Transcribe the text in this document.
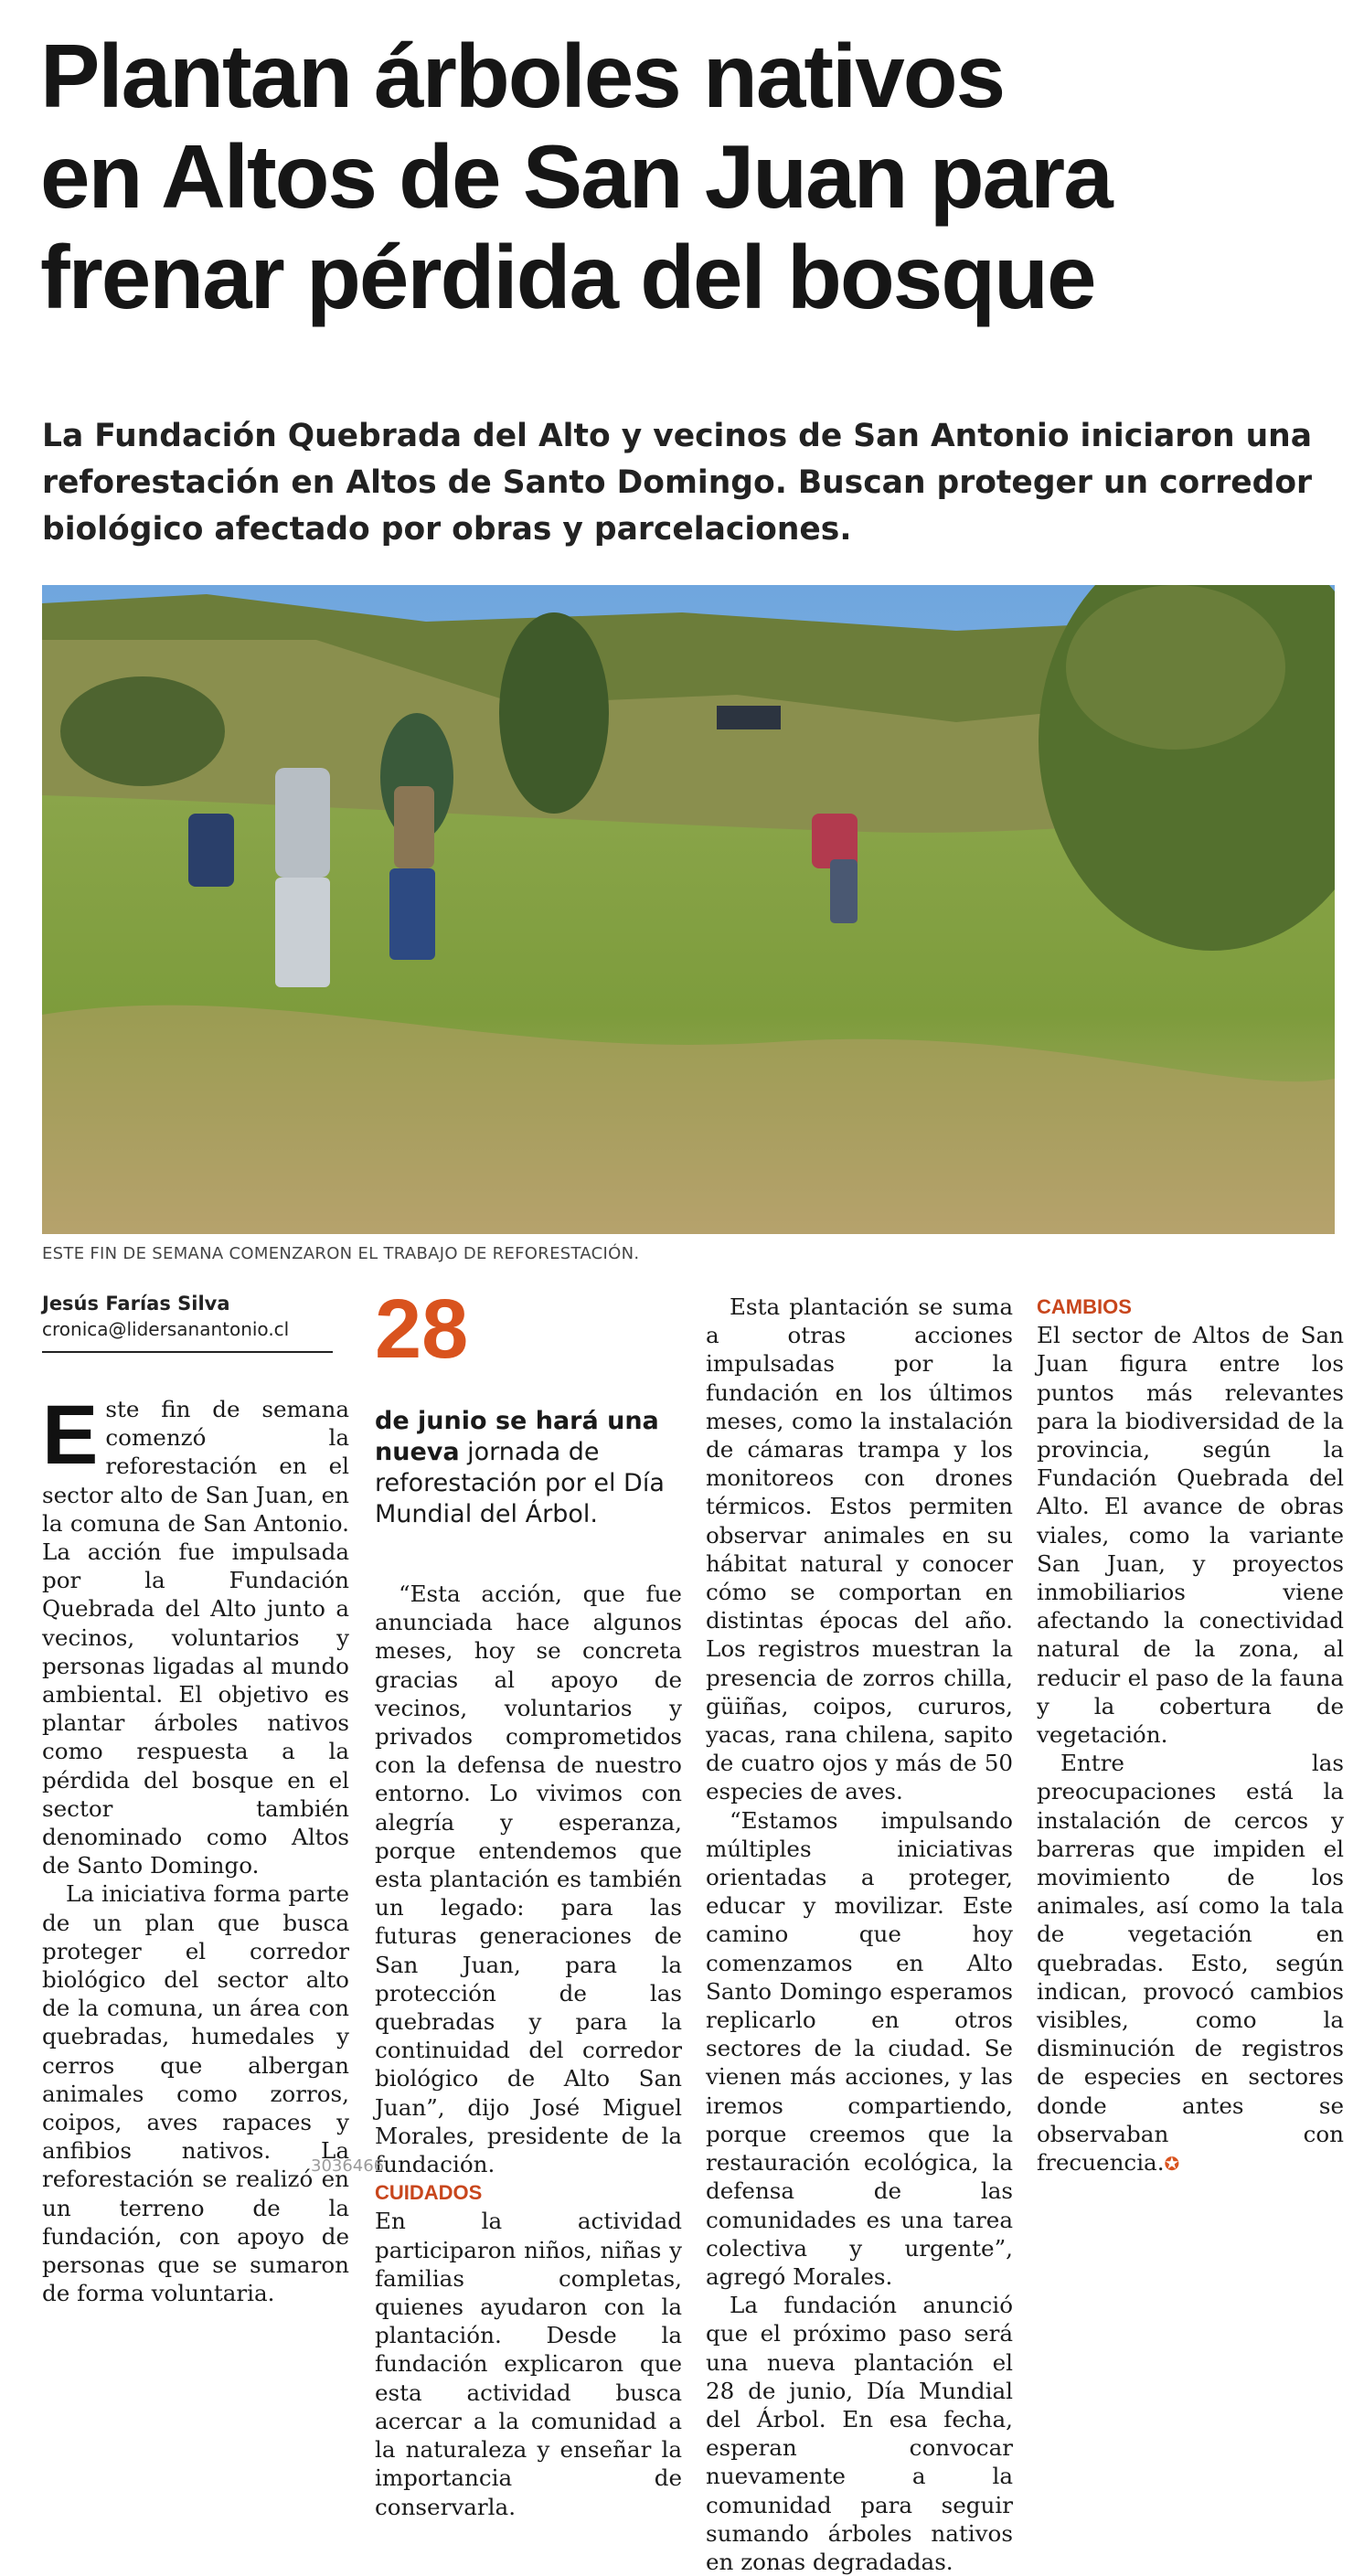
Plantan árboles nativos
en Altos de San Juan para
frenar pérdida del bosque
La Fundación Quebrada del Alto y vecinos de San Antonio iniciaron una
reforestación en Altos de Santo Domingo. Buscan proteger un corredor
biológico afectado por obras y parcelaciones.
ESTE FIN DE SEMANA COMENZARON EL TRABAJO DE REFORESTACIÓN.
Jesús Farías Silva
cronica@lidersanantonio.cl 28
de junio se hará una nueva jornada de reforestación por el Día Mundial del Árbol.

Este fin de semana comenzó la reforestación en el sector alto de San Juan, en la comuna de San Antonio. La acción fue impulsada por la Fundación Quebrada del Alto junto a vecinos, voluntarios y personas ligadas al mundo ambiental. El objetivo es plantar árboles nativos como respuesta a la pérdida del bosque en el sector también denominado como Altos de Santo Domingo.

La iniciativa forma parte de un plan que busca proteger el corredor biológico del sector alto de la comuna, un área con quebradas, humedales y cerros que albergan animales como zorros, coipos, aves rapaces y anfibios nativos. La reforestación se realizó en un terreno de la fundación, con apoyo de personas que se sumaron de forma voluntaria.

“Esta acción, que fue anunciada hace algunos meses, hoy se concreta gracias al apoyo de vecinos, voluntarios y privados comprometidos con la defensa de nuestro entorno. Lo vivimos con alegría y esperanza, porque entendemos que esta plantación es también un legado: para las futuras generaciones de San Juan, para la protección de las quebradas y para la continuidad del corredor biológico de Alto San Juan”, dijo José Miguel Morales, presidente de la fundación.

CUIDADOS

En la actividad participaron niños, niñas y familias completas, quienes ayudaron con la plantación. Desde la fundación explicaron que esta actividad busca acercar a la comunidad a la naturaleza y enseñar la importancia de conservarla.

Esta plantación se suma a otras acciones impulsadas por la fundación en los últimos meses, como la instalación de cámaras trampa y los monitoreos con drones térmicos. Estos permiten observar animales en su hábitat natural y conocer cómo se comportan en distintas épocas del año. Los registros muestran la presencia de zorros chilla, güiñas, coipos, cururos, yacas, rana chilena, sapito de cuatro ojos y más de 50 especies de aves.

“Estamos impulsando múltiples iniciativas orientadas a proteger, educar y movilizar. Este camino que hoy comenzamos en Alto Santo Domingo esperamos replicarlo en otros sectores de la ciudad. Se vienen más acciones, y las iremos compartiendo, porque creemos que la restauración ecológica, la defensa de las comunidades es una tarea colectiva y urgente”, agregó Morales.

La fundación anunció que el próximo paso será una nueva plantación el 28 de junio, Día Mundial del Árbol. En esa fecha, esperan convocar nuevamente a la comunidad para seguir sumando árboles nativos en zonas degradadas.

CAMBIOS

El sector de Altos de San Juan figura entre los puntos más relevantes para la biodiversidad de la provincia, según la Fundación Quebrada del Alto. El avance de obras viales, como la variante San Juan, y proyectos inmobiliarios viene afectando la conectividad natural de la zona, al reducir el paso de la fauna y la cobertura de vegetación.

Entre las preocupaciones está la instalación de cercos y barreras que impiden el movimiento de los animales, así como la tala de vegetación en quebradas. Esto, según indican, provocó cambios visibles, como la disminución de registros de especies en sectores donde antes se observaban con frecuencia.✪

3036466
